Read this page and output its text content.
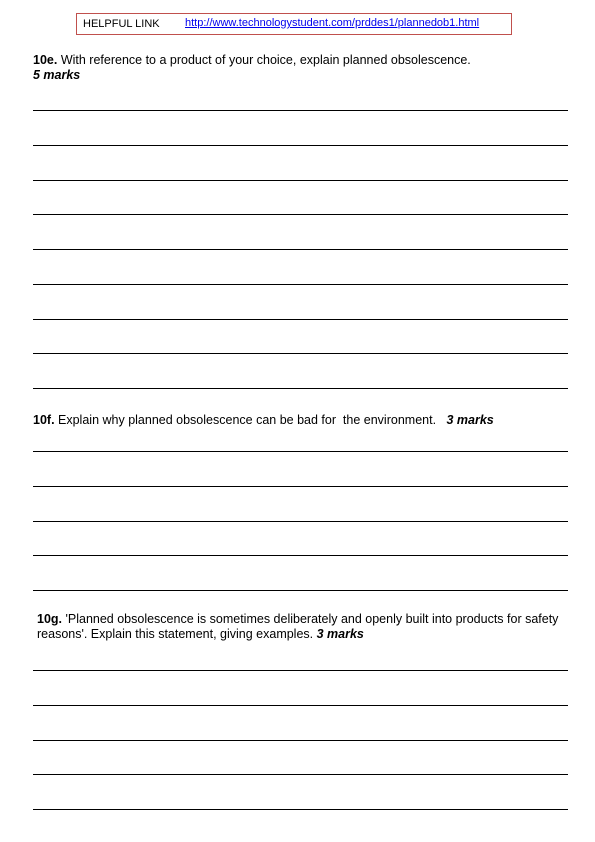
HELPFUL LINK http://www.technologystudent.com/prddes1/plannedob1.html
10e. With reference to a product of your choice, explain planned obsolescence.
5 marks
10f. Explain why planned obsolescence can be bad for  the environment.   3 marks
10g. 'Planned obsolescence is sometimes deliberately and openly built into products for safety reasons'. Explain this statement, giving examples. 3 marks
